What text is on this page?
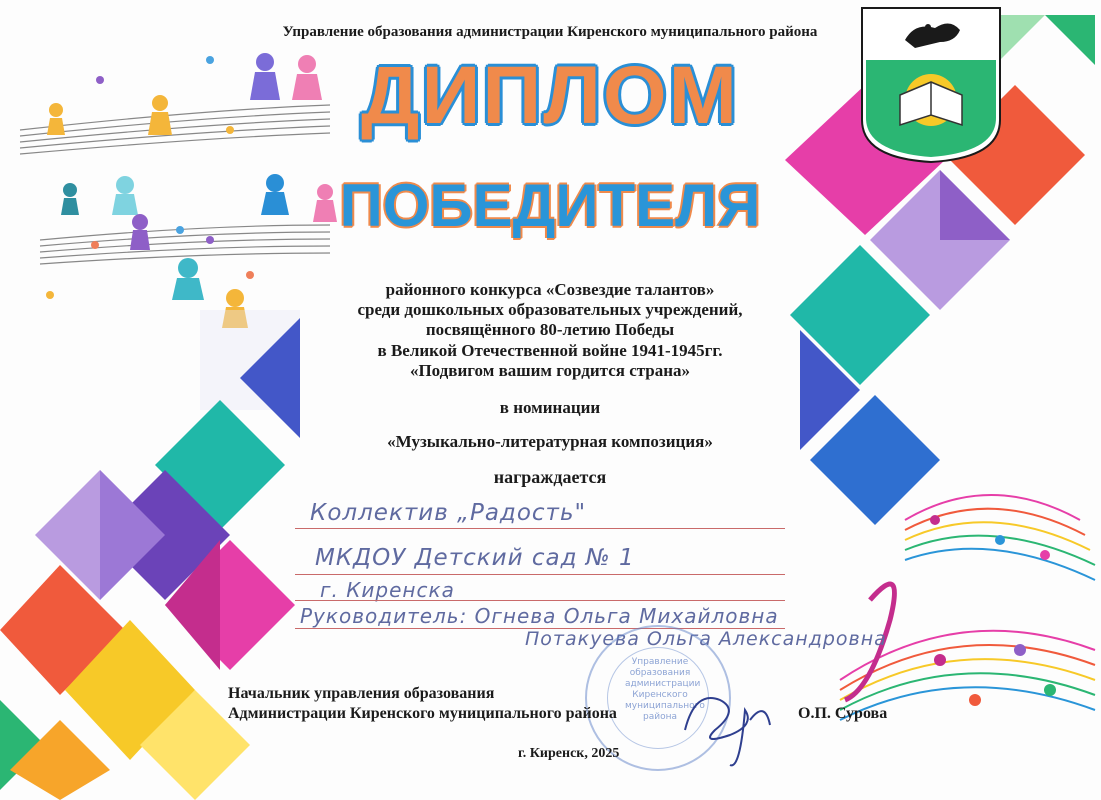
Управление образования администрации Киренского муниципального района
ДИПЛОМ
ПОБЕДИТЕЛЯ
районного конкурса «Созвездие талантов»
среди дошкольных образовательных учреждений,
посвящённого 80-летию Победы
в Великой Отечественной войне 1941-1945гг.
«Подвигом вашим гордится страна»
в номинации
«Музыкально-литературная композиция»
награждается
Коллектив „Радость"
МКДОУ Детский сад № 1
г. Киренска
Руководитель: Огнева Ольга Михайловна
Потакуева Ольга Александровна
Управление образования администрации Киренского муниципального района
Начальник управления образования
Администрации Киренского муниципального района	О.П. Сурова
г. Киренск, 2025
